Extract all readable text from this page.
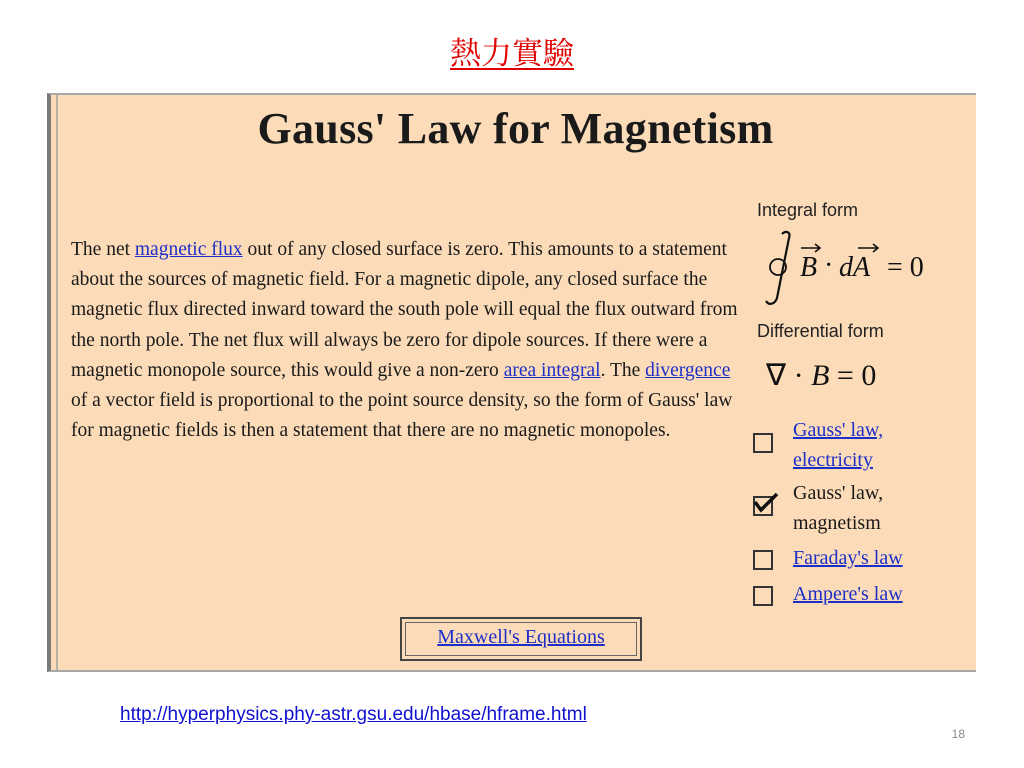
熱力實驗
Gauss' Law for Magnetism
The net magnetic flux out of any closed surface is zero. This amounts to a statement about the sources of magnetic field. For a magnetic dipole, any closed surface the magnetic flux directed inward toward the south pole will equal the flux outward from the north pole. The net flux will always be zero for dipole sources. If there were a magnetic monopole source, this would give a non-zero area integral. The divergence of a vector field is proportional to the point source density, so the form of Gauss' law for magnetic fields is then a statement that there are no magnetic monopoles.
Integral form
B · dA = 0
Differential form
∇ · B = 0
Gauss' law,
electricity
Gauss' law,
magnetism
Faraday's law
Ampere's law
Maxwell's Equations
http://hyperphysics.phy-astr.gsu.edu/hbase/hframe.html
18
